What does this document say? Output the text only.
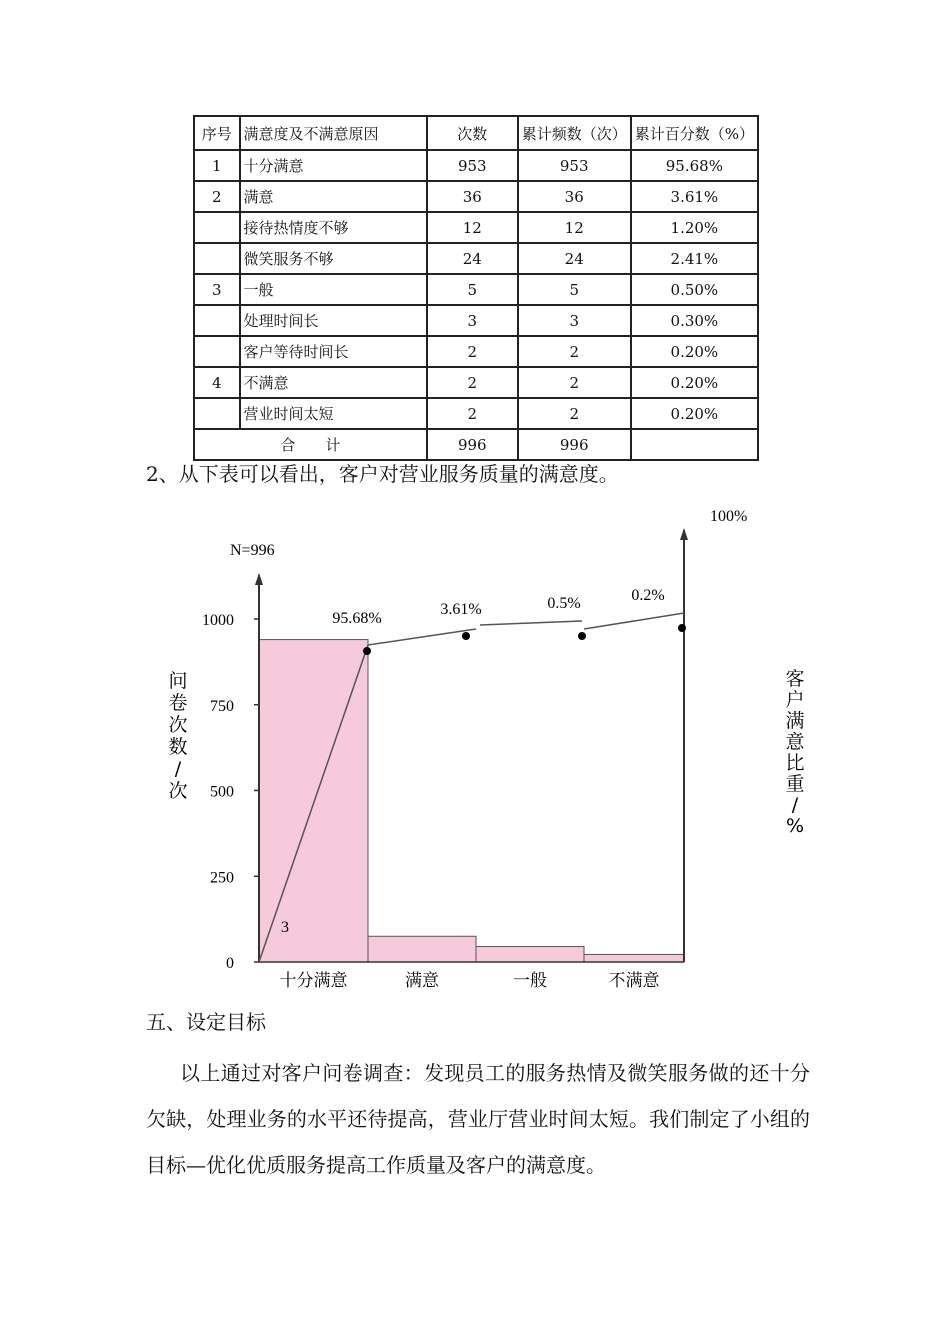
序号	满意度及不满意原因	次数	累计频数（次）	累计百分数（%）
1	十分满意	953	953	95.68%
2	满意	36	36	3.61%
	接待热情度不够	12	12	1.20%
	微笑服务不够	24	24	2.41%
3	一般	5	5	0.50%
	处理时间长	3	3	0.30%
	客户等待时间长	2	2	0.20%
4	不满意	2	2	0.20%
	营业时间太短	2	2	0.20%
合　　计		996	996	
2、从下表可以看出，客户对营业服务质量的满意度。
N=996
100%
0
250
500
750
1000
十分满意	满意	一般	不满意
95.68%
3.61%	0.5%	0.2%
3
问
卷
次
数
/
次
客
户
满
意
比
重
/
%
五、设定目标

以上通过对客户问卷调查：发现员工的服务热情及微笑服务做的还十分欠缺，处理业务的水平还待提高，营业厅营业时间太短。我们制定了小组的目标—优化优质服务提高工作质量及客户的满意度。
